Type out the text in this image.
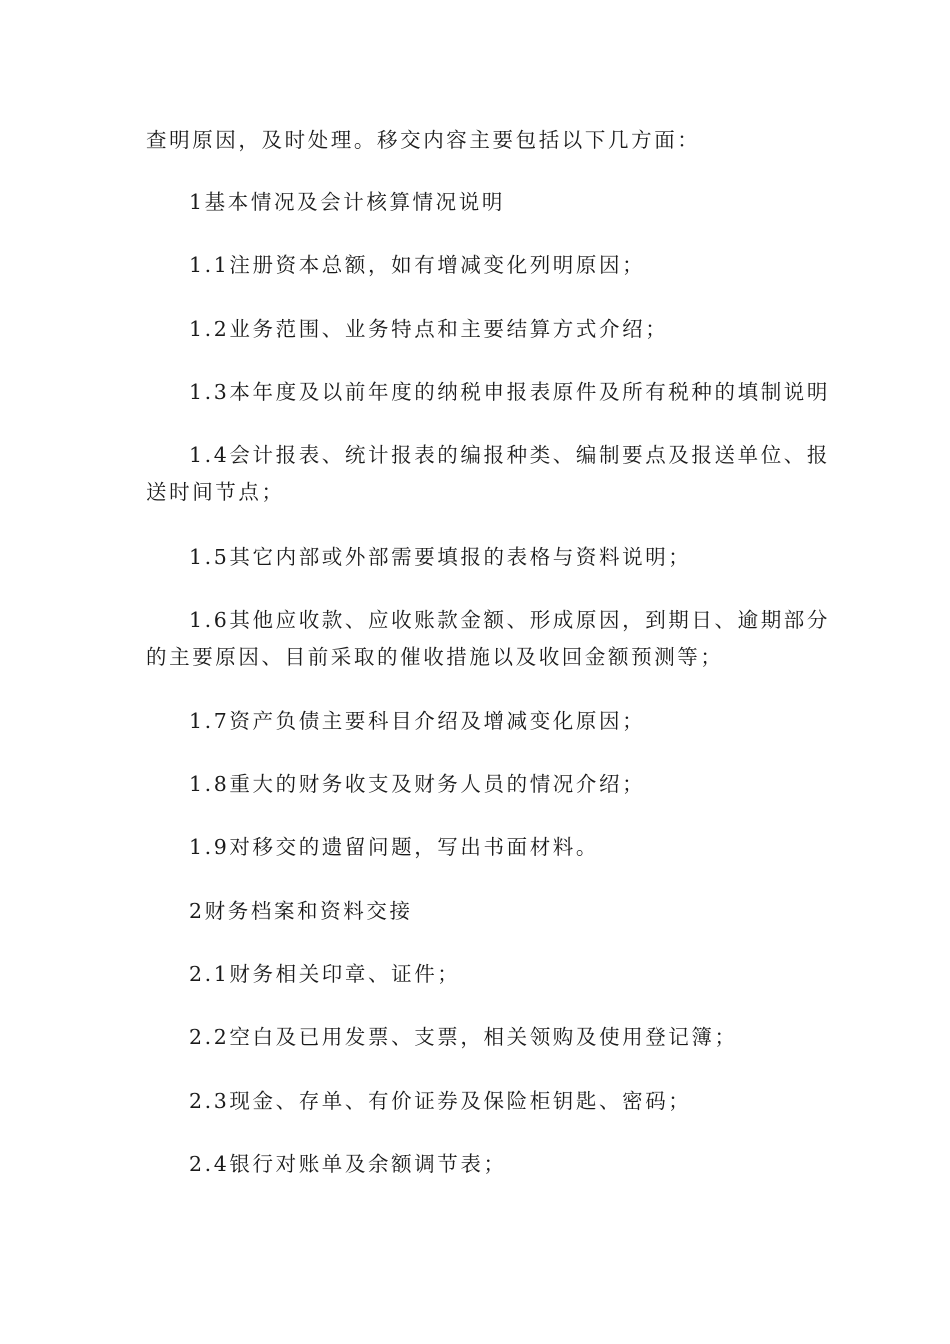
查明原因，及时处理。移交内容主要包括以下几方面：

1基本情况及会计核算情况说明

1.1注册资本总额，如有增减变化列明原因；

1.2业务范围、业务特点和主要结算方式介绍；

1.3本年度及以前年度的纳税申报表原件及所有税种的填制说明

1.4会计报表、统计报表的编报种类、编制要点及报送单位、报

送时间节点；

1.5其它内部或外部需要填报的表格与资料说明；

1.6其他应收款、应收账款金额、形成原因，到期日、逾期部分

的主要原因、目前采取的催收措施以及收回金额预测等；

1.7资产负债主要科目介绍及增减变化原因；

1.8重大的财务收支及财务人员的情况介绍；

1.9对移交的遗留问题，写出书面材料。

2财务档案和资料交接

2.1财务相关印章、证件；

2.2空白及已用发票、支票，相关领购及使用登记簿；

2.3现金、存单、有价证券及保险柜钥匙、密码；

2.4银行对账单及余额调节表；
